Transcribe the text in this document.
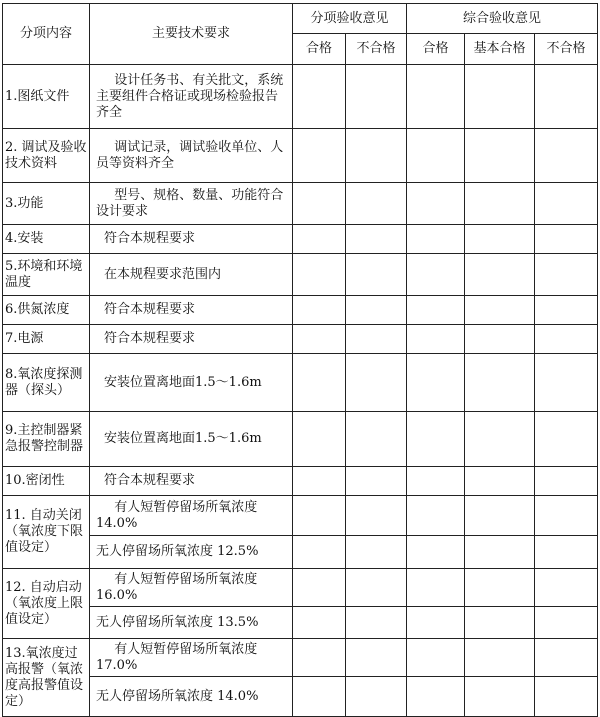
分项内容	主要技术要求	分项验收意见		综合验收意见		
		合格	不合格	合格	基本合格	不合格
1.图纸文件	设计任务书、有关批文，系统主要组件合格证或现场检验报告齐全					
2. 调试及验收技术资料	调试记录，调试验收单位、人员等资料齐全					
3.功能	型号、规格、数量、功能符合设计要求					
4.安装	符合本规程要求					
5.环境和环境温度	在本规程要求范围内					
6.供氮浓度	符合本规程要求					
7.电源	符合本规程要求					
8.氧浓度探测器（探头）	安装位置离地面1.5～1.6m					
9.主控制器紧急报警控制器	安装位置离地面1.5～1.6m					
10.密闭性	符合本规程要求					
11. 自动关闭（氧浓度下限值设定）	有人短暂停留场所氧浓度 14.0%					
	无人停留场所氧浓度 12.5%					
12. 自动启动（氧浓度上限值设定）	有人短暂停留场所氧浓度 16.0%					
	无人停留场所氧浓度 13.5%					
13.氧浓度过高报警（氧浓度高报警值设定）	有人短暂停留场所氧浓度 17.0%					
	无人停留场所氧浓度 14.0%					
